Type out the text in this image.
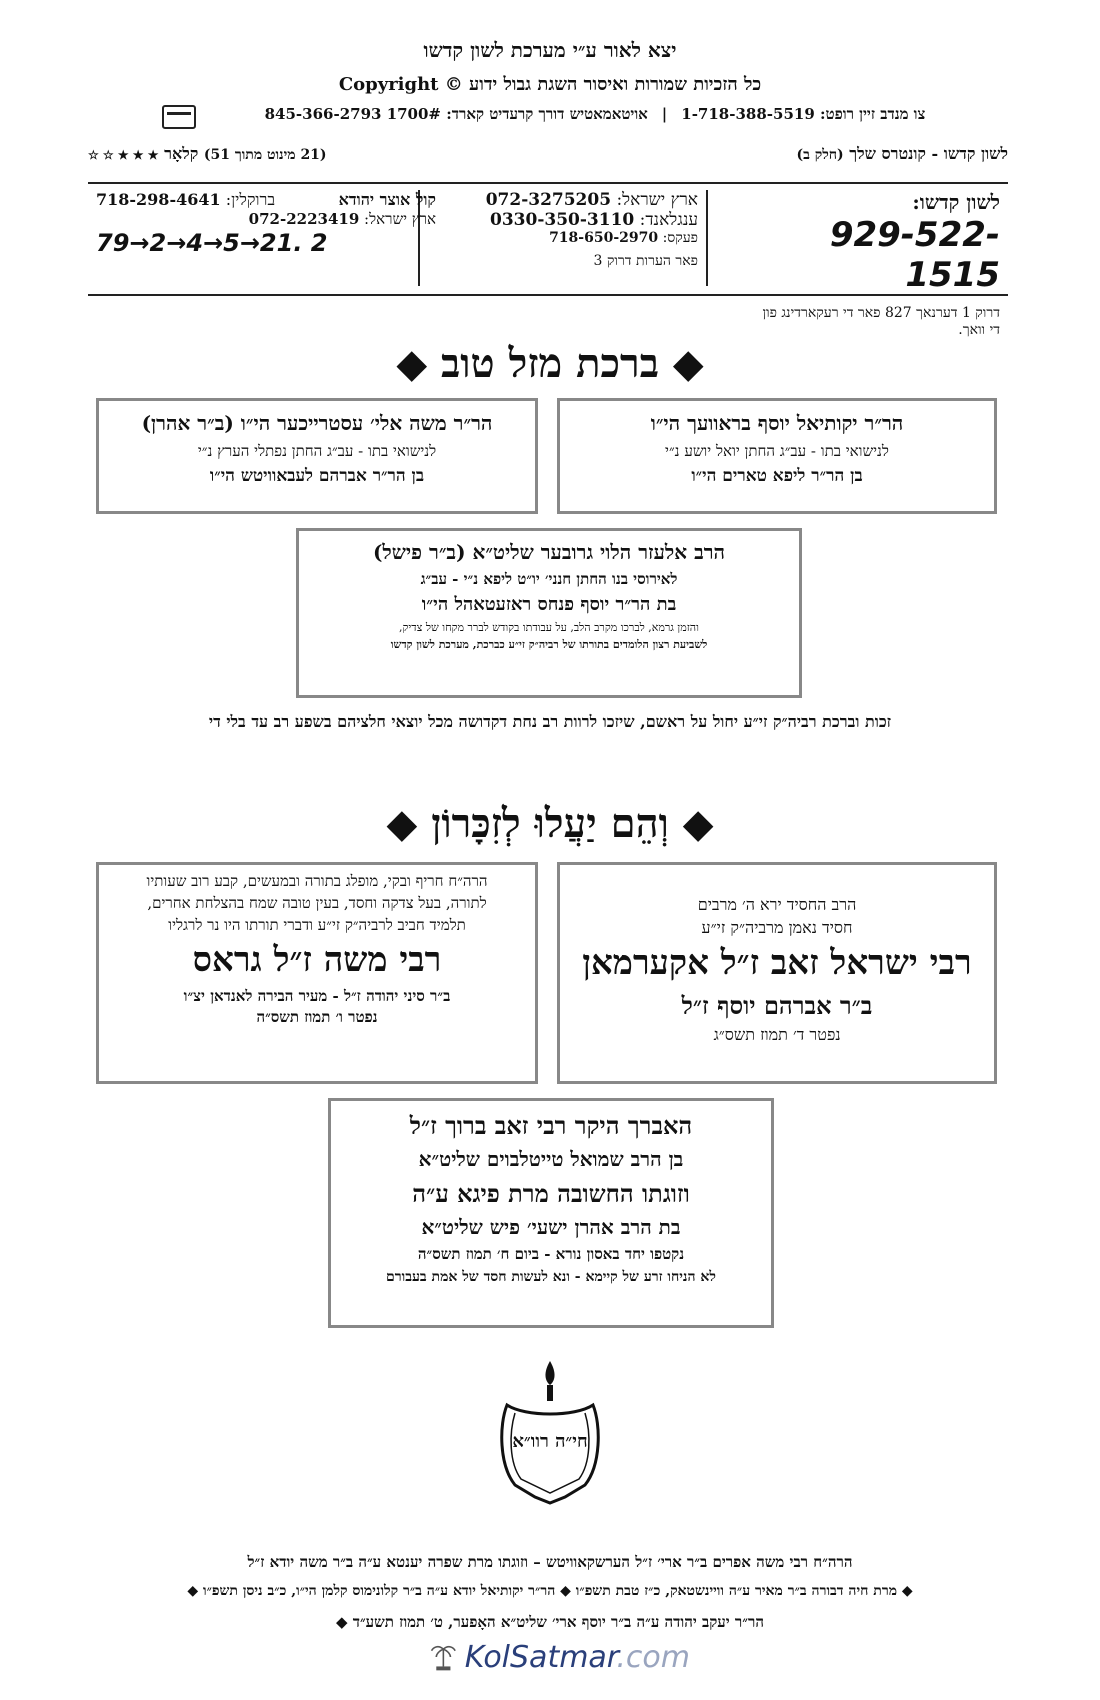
יצא לאור ע״י מערכת לשון קדשו
כל הזכיות שמורות ואיסור השגת גבול ידוע Copyright ©
צו מנדב זיין רופט: 1-718-388-5519
|
אויטאמאטיש דורך קרעדיט קארד: 1700# 845-366-2793
לשון קדשו - קונטרס שלך (חלק ב)
(21 מינוט מתוך 51) קלאָר ★ ★ ★ ☆ ☆
לשון קדשו:
929-522-1515
דרוק 1 דערנאך 827 פאר די רעקארדינג פון די וואך.
ארץ ישראל: 072-3275205
ענגלאנד: 0330-350-3110
פעקס: 718-650-2970
פאר הערות דרוק 3
קול אוצר יהודא
ברוקלין: 718-298-4641
ארץ ישראל: 072-2223419
79→2→4→5→21. 2
◆ ברכת מזל טוב ◆
הר״ר יקותיאל יוסף בראוועך הי״ו
לנישואי בתו - עב״ג החתן יואל יושע נ״י
בן הר״ר ליפא טארים הי״ו
הר״ר משה אלי׳ עסטרייכער הי״ו (ב״ר אהרן)
לנישואי בתו - עב״ג החתן נפתלי הערץ נ״י
בן הר״ר אברהם לעבאוויטש הי״ו
הרב אלעזר הלוי גרובער שליט״א (ב״ר פישל)
לאירוסי בנו החתן חנני׳ יו״ט ליפא נ״י - עב״ג
בת הר״ר יוסף פנחס ראזעטאהל הי״ו
והזמן גרמא, לברכו מקרב הלב, על עבודתו בקודש לברר מקחו של צדיק,
לשביעת רצון הלומדים בתורתו של רביה״ק זי״ע כברכת, מערכת לשון קדשו
זכות וברכת רביה״ק זי״ע יחול על ראשם, שיזכו לרוות רב נחת דקדושה מכל יוצאי חלציהם בשפע רב עד בלי די
◆ וְהֵם יַעֲלוּ לְזִכָּרוֹן ◆
הרב החסיד ירא ה׳ מרבים
חסיד נאמן מרביה״ק זי״ע
רבי ישראל זאב ז״ל אקערמאן
ב״ר אברהם יוסף ז״ל
נפטר ד׳ תמוז תשס״ג
הרה״ח חריף ובקי, מופלג בתורה ובמעשים, קבע רוב שעותיו
לתורה, בעל צדקה וחסד, בעין טובה שמח בהצלחת אחרים,
תלמיד חביב לרביה״ק זי״ע ודברי תורתו היו נר לרגליו
רבי משה ז״ל גראס
ב״ר סיני יהודה ז״ל - מעיר הבירה לאנדאן יצ״ו
נפטר ו׳ תמוז תשס״ה
האברך היקר רבי זאב ברוך ז״ל
בן הרב שמואל טייטלבוים שליט״א
וזוגתו החשובה מרת פיגא ע״ה
בת הרב אהרן ישעי׳ פיש שליט״א
נקטפו יחד באסון נורא - ביום ח׳ תמוז תשס״ה
לא הניחו זרע של קיימא - ונא לעשות חסד של אמת בעבורם
חי״ה רוו״א
הרה״ח רבי משה אפרים ב״ר ארי׳ ז״ל הערשקאוויטש – וזוגתו מרת שפרה יענטא ע״ה ב״ר משה יודא ז״ל
◆ מרת חיה דבורה ב״ר מאיר ע״ה וויינשטאק, כ״ז טבת תשפ״ו ◆ הר״ר יקותיאל יודא ע״ה ב״ר קלונימוס קלמן הי״ו, כ״ב ניסן תשפ״ו ◆
הר״ר יעקב יהודה ע״ה ב״ר יוסף ארי׳ שליט״א האָפער, ט׳ תמוז תשע״ד ◆
KolSatmar.com
